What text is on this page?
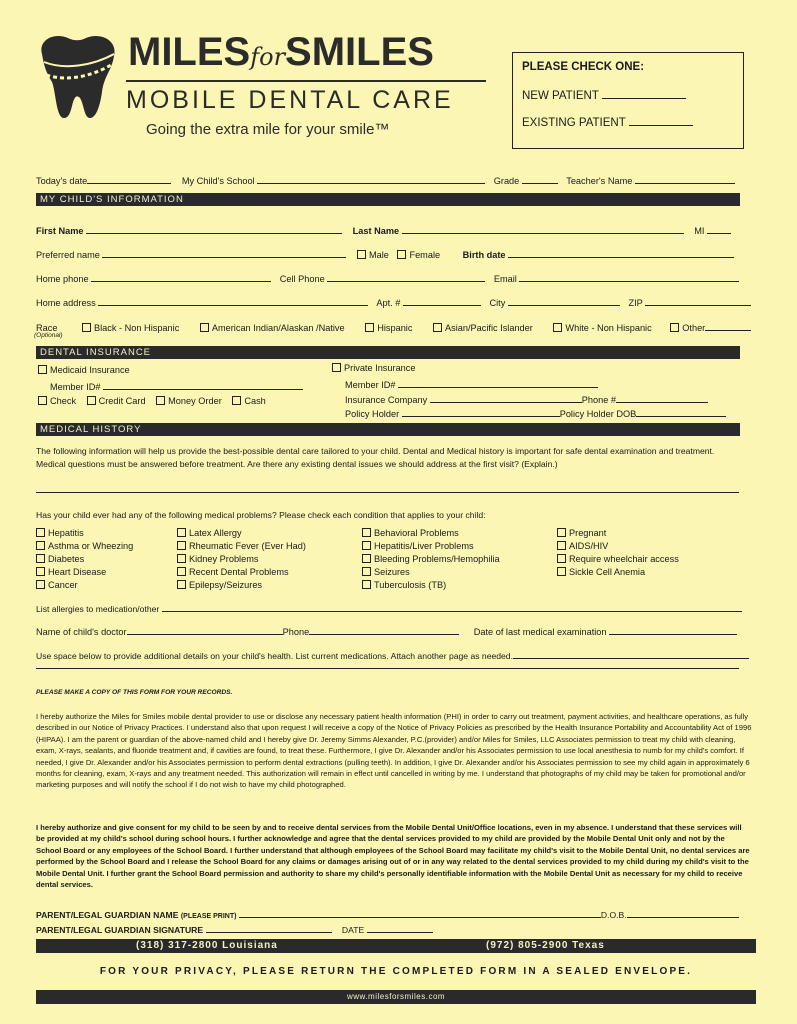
MILESforSMILES
MOBILE DENTAL CARE
Going the extra mile for your smile™
PLEASE CHECK ONE:
NEW PATIENT
EXISTING PATIENT
Today's date	My Child's School	Grade	Teacher's Name
MY CHILD'S INFORMATION
First Name	Last Name	MI
Preferred name	Male Female Birth date
Home phone	Cell Phone	Email
Home address	Apt. #	City	ZIP
Race	Black - Non Hispanic	American Indian/Alaskan /Native	Hispanic	Asian/Pacific Islander	White - Non Hispanic	Other
(Optional)
DENTAL INSURANCE
Medicaid Insurance
Member ID#
Check Credit Card Money Order Cash
Private Insurance
Member ID#
Insurance Company	Phone #
Policy Holder	Policy Holder DOB
MEDICAL HISTORY
The following information will help us provide the best-possible dental care tailored to your child. Dental and Medical history is important for safe dental examination and treatment. Medical questions must be answered before treatment. Are there any existing dental issues we should address at the first visit? (Explain.)
Has your child ever had any of the following medical problems? Please check each condition that applies to your child:
Hepatitis
Asthma or Wheezing
Diabetes
Heart Disease
Cancer
Latex Allergy
Rheumatic Fever (Ever Had)
Kidney Problems
Recent Dental Problems
Epilepsy/Seizures
Behavioral Problems
Hepatitis/Liver Problems
Bleeding Problems/Hemophilia
Seizures
Tuberculosis (TB)
Pregnant
AIDS/HIV
Require wheelchair access
Sickle Cell Anemia
List allergies to medication/other
Name of child's doctor	Phone	Date of last medical examination
Use space below to provide additional details on your child's health. List current medications. Attach another page as needed.
PLEASE MAKE A COPY OF THIS FORM FOR YOUR RECORDS.
I hereby authorize the Miles for Smiles mobile dental provider to use or disclose any necessary patient health information (PHI) in order to carry out treatment, payment activities, and healthcare operations, as fully described in our Notice of Privacy Practices. I understand also that upon request I will receive a copy of the Notice of Privacy Policies as prescribed by the Health Insurance Portability and Accountability Act of 1996 (HIPAA). I am the parent or guardian of the above-named child and I hereby give Dr. Jeremy Simms Alexander, P.C.(provider) and/or Miles for Smiles, LLC Associates permission to treat my child with cleaning, exam, X-rays, sealants, and fluoride treatment and, if cavities are found, to treat these. Furthermore, I give Dr. Alexander and/or his Associates permission to use local anesthesia to numb for my child's comfort. If needed, I give Dr. Alexander and/or his Associates permission to perform dental extractions (pulling teeth). In addition, I give Dr. Alexander and/or his Associates permission to see my child again in approximately 6 months for cleaning, exam, X-rays and any treatment needed. This authorization will remain in effect until cancelled in writing by me. I understand that photographs of my child may be taken for promotional and/or marketing purposes and will notify the school if I do not wish to have my child photographed.
I hereby authorize and give consent for my child to be seen by and to receive dental services from the Mobile Dental Unit/Office locations, even in my absence. I understand that these services will be provided at my child's school during school hours. I further acknowledge and agree that the dental services provided to my child are provided by the Mobile Dental Unit only and not by the School Board or any employees of the School Board. I further understand that although employees of the School Board may facilitate my child's visit to the Mobile Dental Unit, no dental services are performed by the School Board and I release the School Board for any claims or damages arising out of or in any way related to the dental services provided to my child during my child's visit to the Mobile Dental Unit. I further grant the School Board permission and authority to share my child's personally identifiable information with the Mobile Dental Unit as necessary for my child to receive dental services.
PARENT/LEGAL GUARDIAN NAME (PLEASE PRINT)	D.O.B.
PARENT/LEGAL GUARDIAN SIGNATURE	DATE
(318) 317-2800 Louisiana	(972) 805-2900 Texas
FOR YOUR PRIVACY, PLEASE RETURN THE COMPLETED FORM IN A SEALED ENVELOPE.
www.milesforsmiles.com
